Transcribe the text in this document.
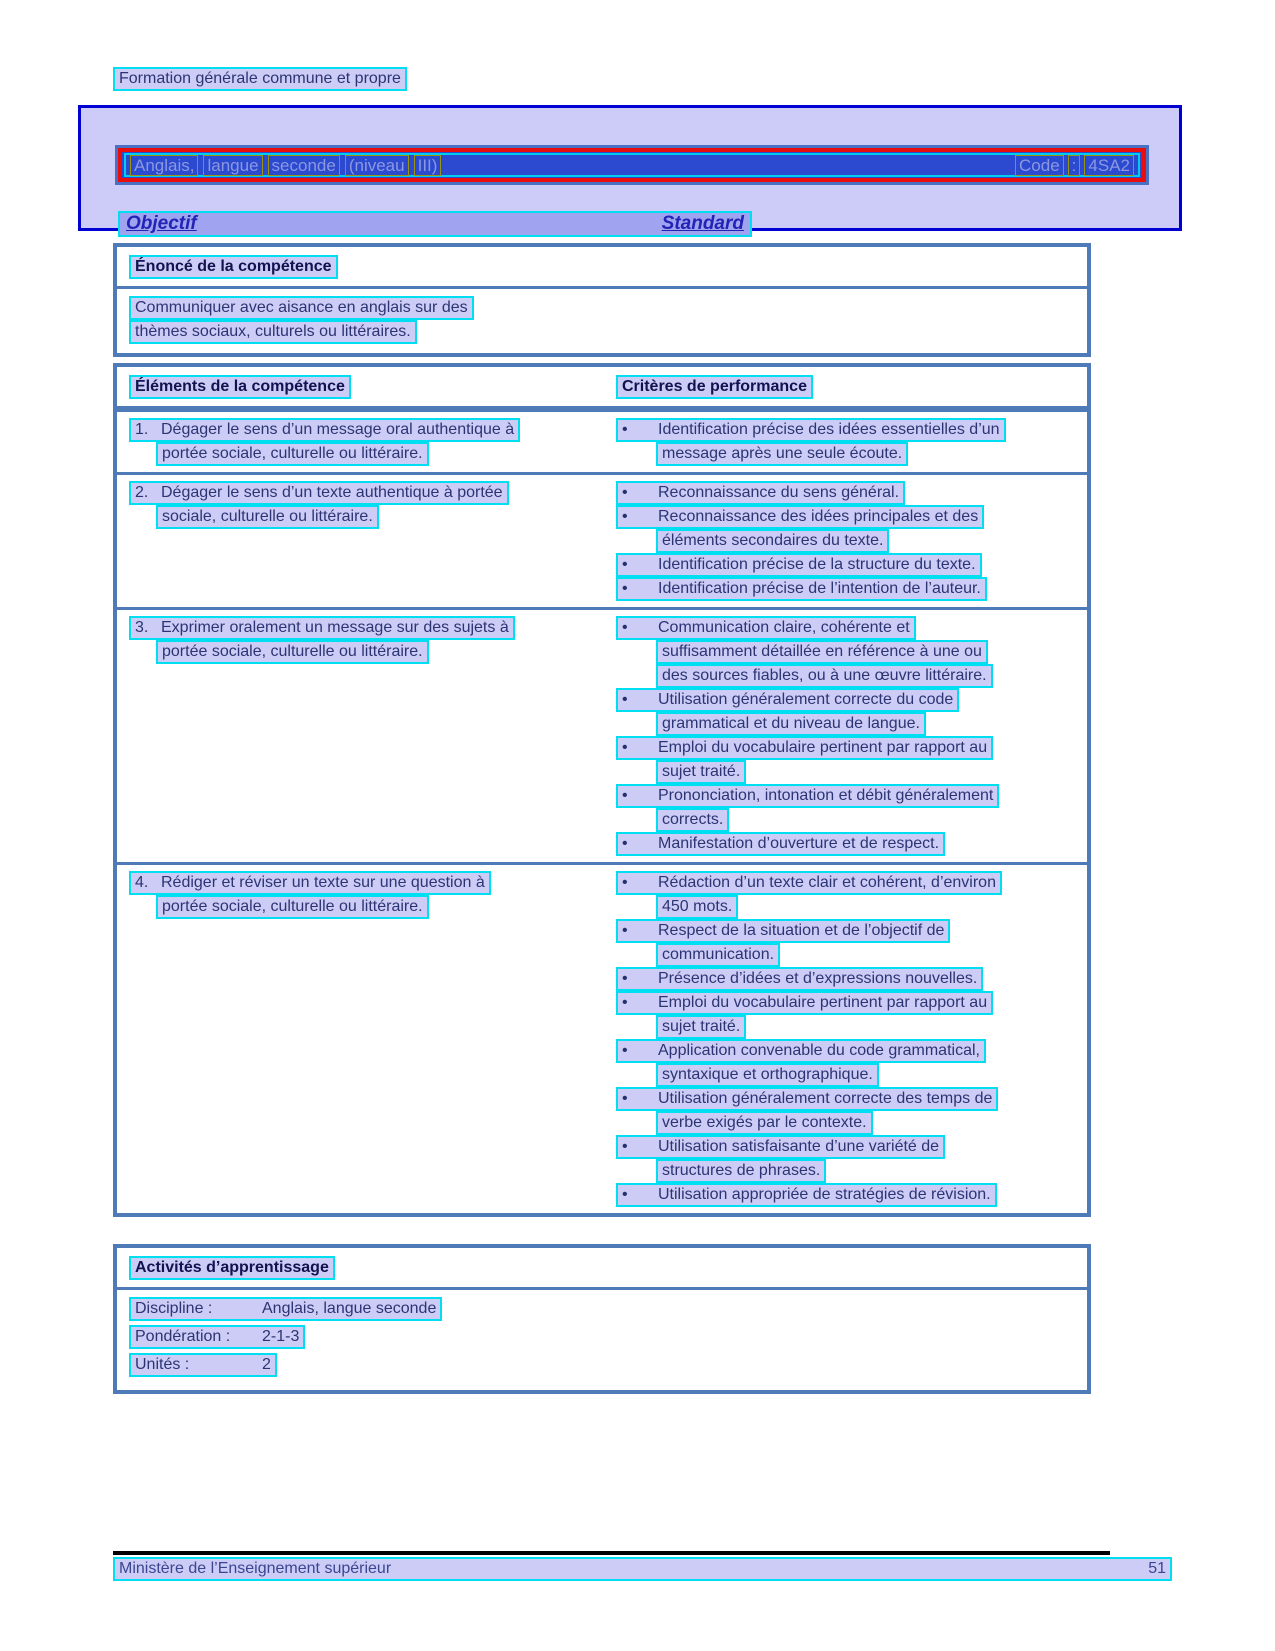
Formation générale commune et propre
Anglais, langue seconde (niveau III)	Code : 4SA2
Objectif	Standard
Énoncé de la compétence
Communiquer avec aisance en anglais sur des
thèmes sociaux, culturels ou littéraires.
Éléments de la compétence	Critères de performance
1. Dégager le sens d’un message oral authentique à
portée sociale, culturelle ou littéraire.
• Identification précise des idées essentielles d’un
message après une seule écoute.
2. Dégager le sens d’un texte authentique à portée
sociale, culturelle ou littéraire.
• Reconnaissance du sens général.
• Reconnaissance des idées principales et des
éléments secondaires du texte.
• Identification précise de la structure du texte.
• Identification précise de l’intention de l’auteur.
3. Exprimer oralement un message sur des sujets à
portée sociale, culturelle ou littéraire.
• Communication claire, cohérente et
suffisamment détaillée en référence à une ou
des sources fiables, ou à une œuvre littéraire.
• Utilisation généralement correcte du code
grammatical et du niveau de langue.
• Emploi du vocabulaire pertinent par rapport au
sujet traité.
• Prononciation, intonation et débit généralement
corrects.
• Manifestation d’ouverture et de respect.
4. Rédiger et réviser un texte sur une question à
portée sociale, culturelle ou littéraire.
• Rédaction d’un texte clair et cohérent, d’environ
450 mots.
• Respect de la situation et de l’objectif de
communication.
• Présence d’idées et d’expressions nouvelles.
• Emploi du vocabulaire pertinent par rapport au
sujet traité.
• Application convenable du code grammatical,
syntaxique et orthographique.
• Utilisation généralement correcte des temps de
verbe exigés par le contexte.
• Utilisation satisfaisante d’une variété de
structures de phrases.
• Utilisation appropriée de stratégies de révision.
Activités d’apprentissage
Discipline :	Anglais, langue seconde
Pondération : 2-1-3
Unités :	2
Ministère de l’Enseignement supérieur	51
